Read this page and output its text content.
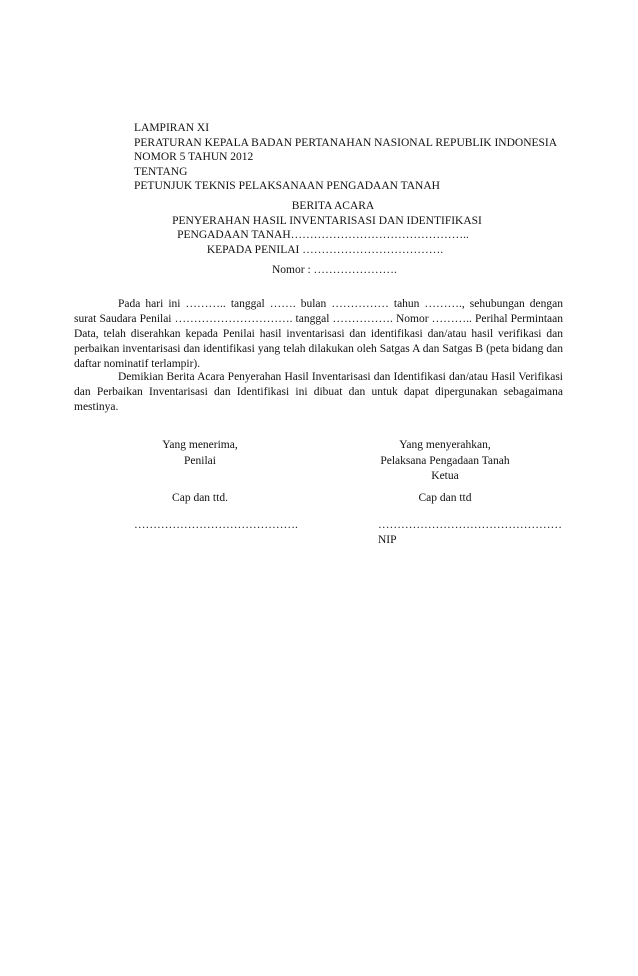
LAMPIRAN XI
PERATURAN KEPALA BADAN PERTANAHAN NASIONAL REPUBLIK INDONESIA
NOMOR 5 TAHUN 2012
TENTANG
PETUNJUK TEKNIS PELAKSANAAN PENGADAAN TANAH
BERITA ACARA
PENYERAHAN HASIL INVENTARISASI DAN IDENTIFIKASI
PENGADAAN TANAH………………………………………..
KEPADA PENILAI ……………………………….
Nomor : ………………….

Pada hari ini ……….. tanggal ……. bulan …………… tahun ………., sehubungan dengan surat Saudara Penilai …………………………. tanggal ……………. Nomor ……….. Perihal Permintaan Data, telah diserahkan kepada Penilai hasil inventarisasi dan identifikasi dan/atau hasil verifikasi dan perbaikan inventarisasi dan identifikasi yang telah dilakukan oleh Satgas A dan Satgas B (peta bidang dan daftar nominatif terlampir).

Demikian Berita Acara Penyerahan Hasil Inventarisasi dan Identifikasi dan/atau Hasil Verifikasi dan Perbaikan Inventarisasi dan Identifikasi ini dibuat dan untuk dapat dipergunakan sebagaimana mestinya.

Yang menerima,
Penilai
Yang menyerahkan,
Pelaksana Pengadaan Tanah
Ketua
Cap dan ttd.	Cap dan ttd
…………………………………….	…………………………………………
NIP
